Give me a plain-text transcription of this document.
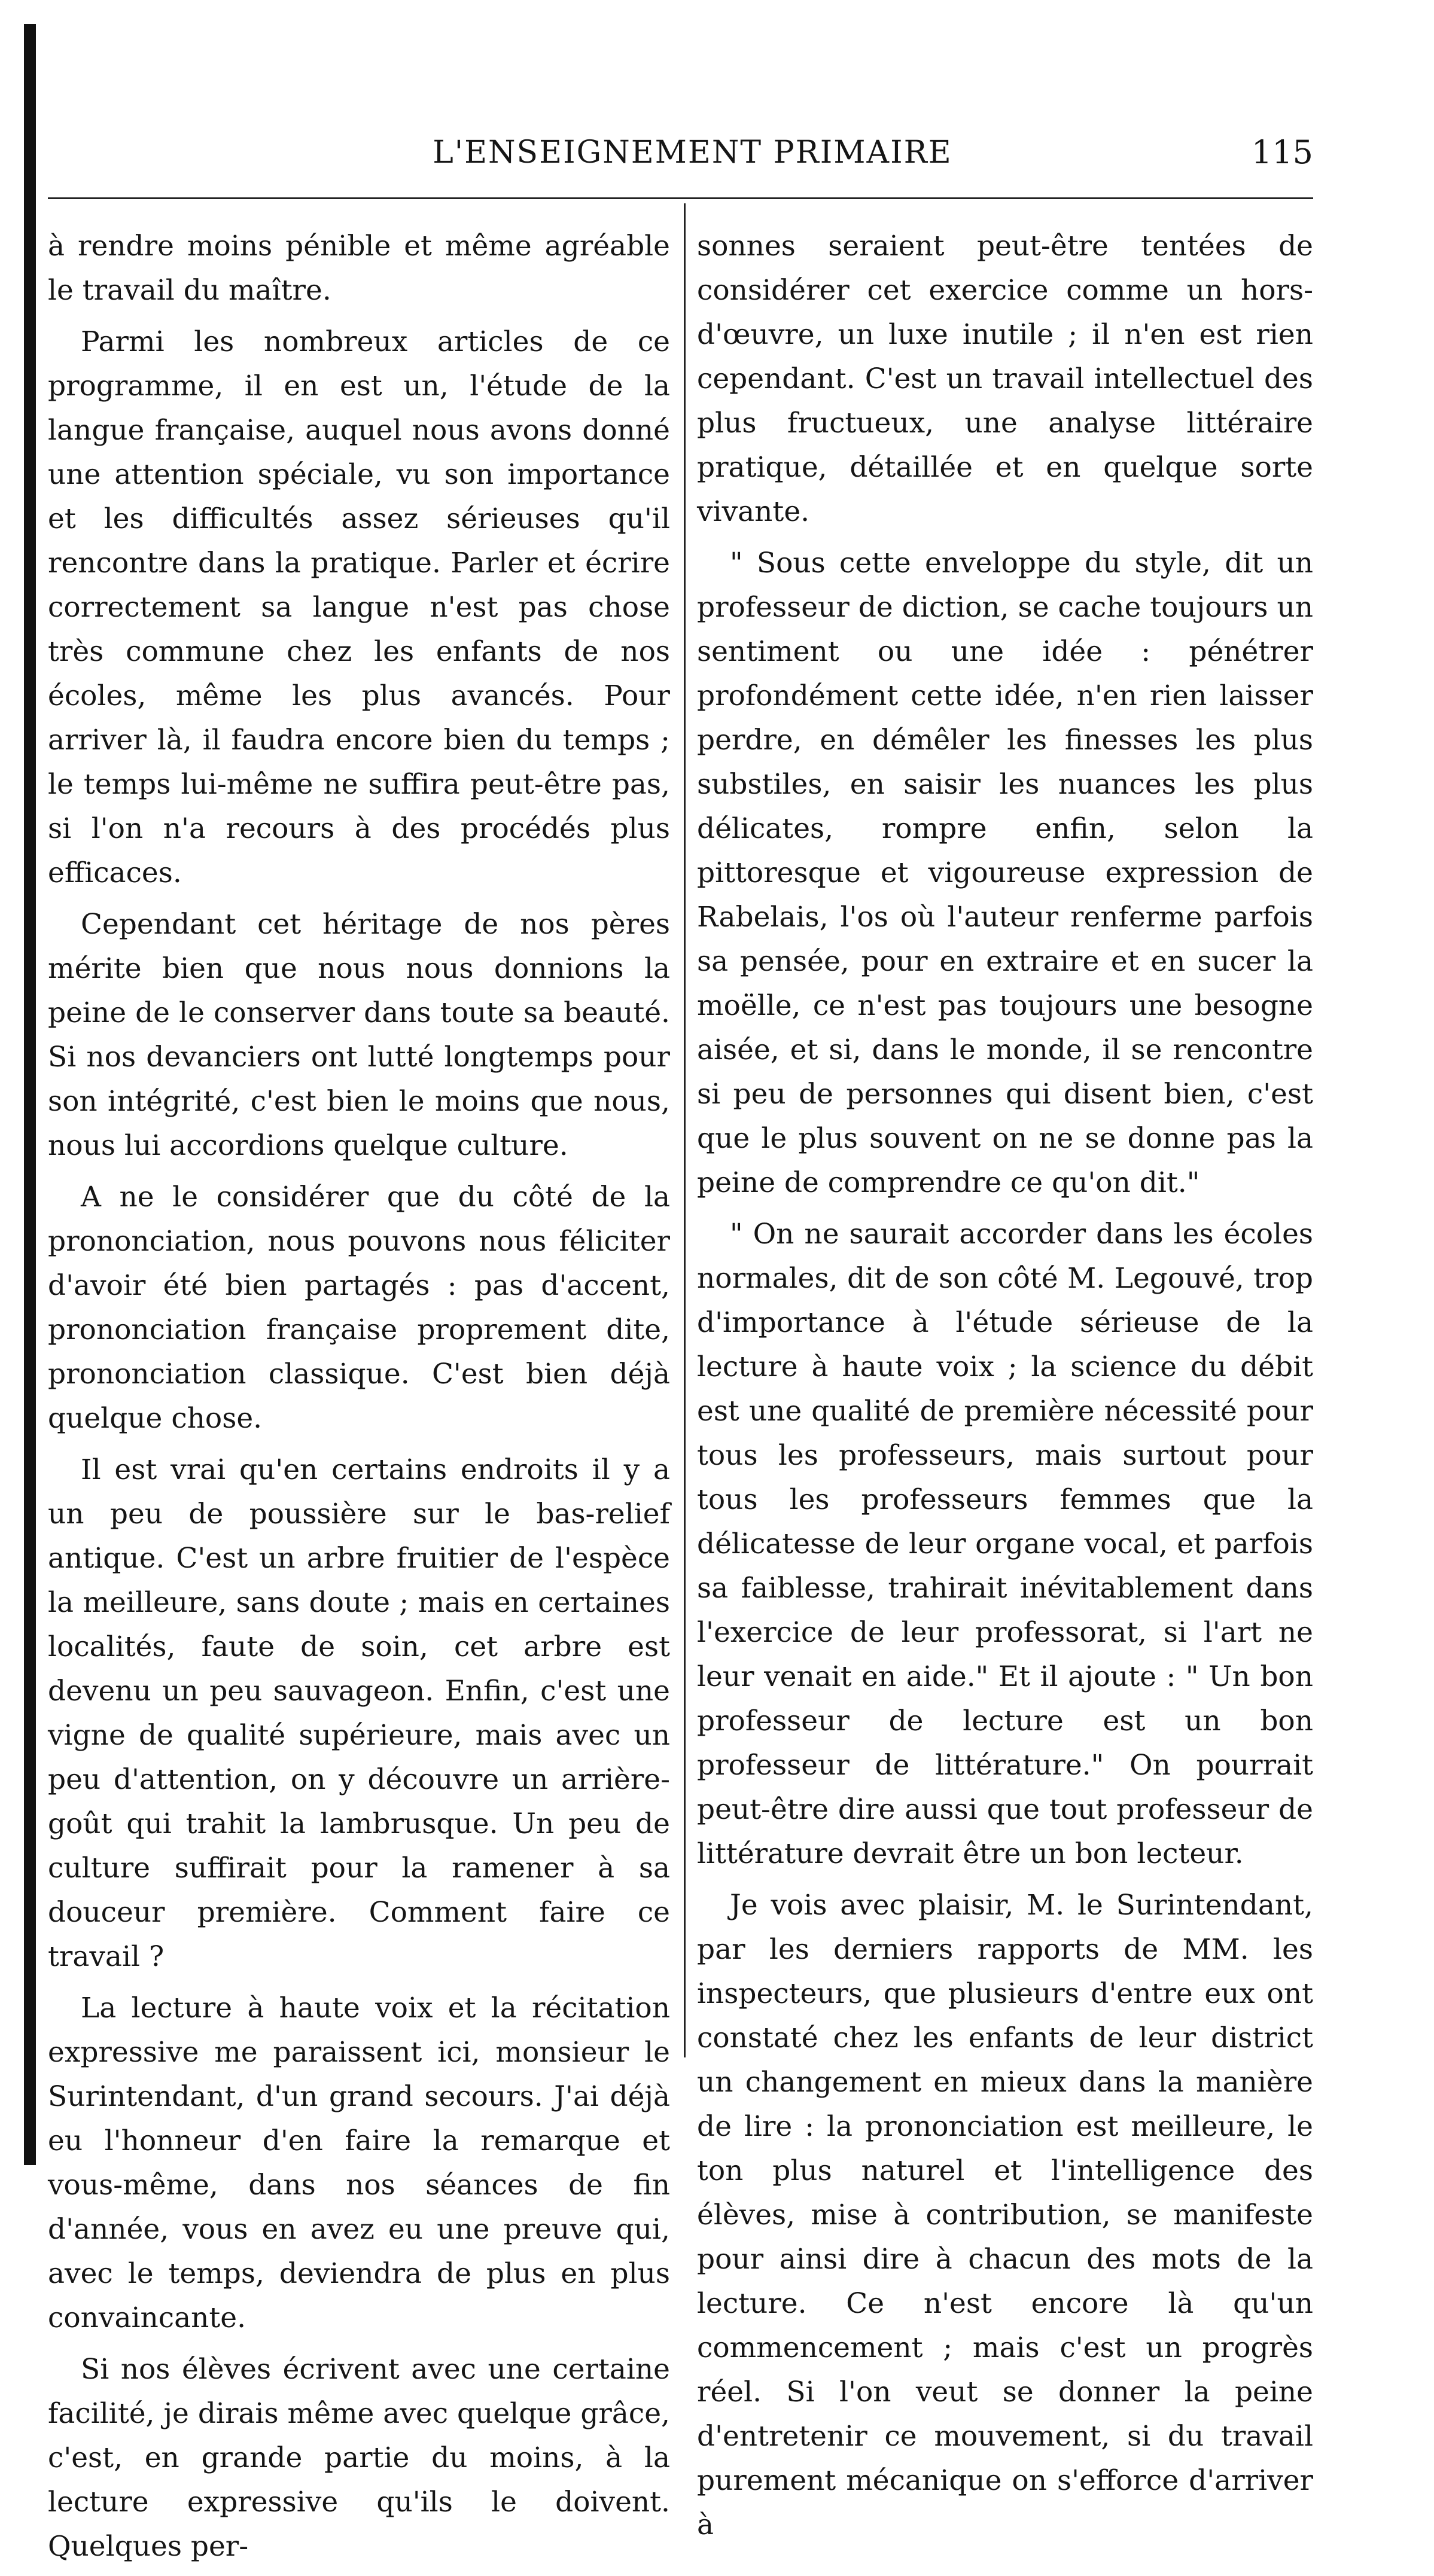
L'ENSEIGNEMENT PRIMAIRE	115

à rendre moins pénible et même agréable le travail du maître.

Parmi les nombreux articles de ce programme, il en est un, l'étude de la langue française, auquel nous avons donné une attention spéciale, vu son importance et les difficultés assez sérieuses qu'il rencontre dans la pratique. Parler et écrire correctement sa langue n'est pas chose très commune chez les enfants de nos écoles, même les plus avancés. Pour arriver là, il faudra encore bien du temps ; le temps lui-même ne suffira peut-être pas, si l'on n'a recours à des procédés plus efficaces.

Cependant cet héritage de nos pères mérite bien que nous nous donnions la peine de le conserver dans toute sa beauté. Si nos devanciers ont lutté longtemps pour son intégrité, c'est bien le moins que nous, nous lui accordions quelque culture.

A ne le considérer que du côté de la prononciation, nous pouvons nous féliciter d'avoir été bien partagés : pas d'accent, prononciation française proprement dite, prononciation classique. C'est bien déjà quelque chose.

Il est vrai qu'en certains endroits il y a un peu de poussière sur le bas-relief antique. C'est un arbre fruitier de l'espèce la meilleure, sans doute ; mais en certaines localités, faute de soin, cet arbre est devenu un peu sauvageon. Enfin, c'est une vigne de qualité supérieure, mais avec un peu d'attention, on y découvre un arrière-goût qui trahit la lambrusque. Un peu de culture suffirait pour la ramener à sa douceur première. Comment faire ce travail ?

La lecture à haute voix et la récitation expressive me paraissent ici, monsieur le Surintendant, d'un grand secours. J'ai déjà eu l'honneur d'en faire la remarque et vous-même, dans nos séances de fin d'année, vous en avez eu une preuve qui, avec le temps, deviendra de plus en plus convaincante.

Si nos élèves écrivent avec une certaine facilité, je dirais même avec quelque grâce, c'est, en grande partie du moins, à la lecture expressive qu'ils le doivent. Quelques per-

sonnes seraient peut-être tentées de considérer cet exercice comme un hors-d'œuvre, un luxe inutile ; il n'en est rien cependant. C'est un travail intellectuel des plus fructueux, une analyse littéraire pratique, détaillée et en quelque sorte vivante.

" Sous cette enveloppe du style, dit un professeur de diction, se cache toujours un sentiment ou une idée : pénétrer profondément cette idée, n'en rien laisser perdre, en démêler les finesses les plus substiles, en saisir les nuances les plus délicates, rompre enfin, selon la pittoresque et vigoureuse expression de Rabelais, l'os où l'auteur renferme parfois sa pensée, pour en extraire et en sucer la moëlle, ce n'est pas toujours une besogne aisée, et si, dans le monde, il se rencontre si peu de personnes qui disent bien, c'est que le plus souvent on ne se donne pas la peine de comprendre ce qu'on dit."

" On ne saurait accorder dans les écoles normales, dit de son côté M. Legouvé, trop d'importance à l'étude sérieuse de la lecture à haute voix ; la science du débit est une qualité de première nécessité pour tous les professeurs, mais surtout pour tous les professeurs femmes que la délicatesse de leur organe vocal, et parfois sa faiblesse, trahirait inévitablement dans l'exercice de leur professorat, si l'art ne leur venait en aide." Et il ajoute : " Un bon professeur de lecture est un bon professeur de littérature." On pourrait peut-être dire aussi que tout professeur de littérature devrait être un bon lecteur.

Je vois avec plaisir, M. le Surintendant, par les derniers rapports de MM. les inspecteurs, que plusieurs d'entre eux ont constaté chez les enfants de leur district un changement en mieux dans la manière de lire : la prononciation est meilleure, le ton plus naturel et l'intelligence des élèves, mise à contribution, se manifeste pour ainsi dire à chacun des mots de la lecture. Ce n'est encore là qu'un commencement ; mais c'est un progrès réel. Si l'on veut se donner la peine d'entretenir ce mouvement, si du travail purement mécanique on s'efforce d'arriver à
